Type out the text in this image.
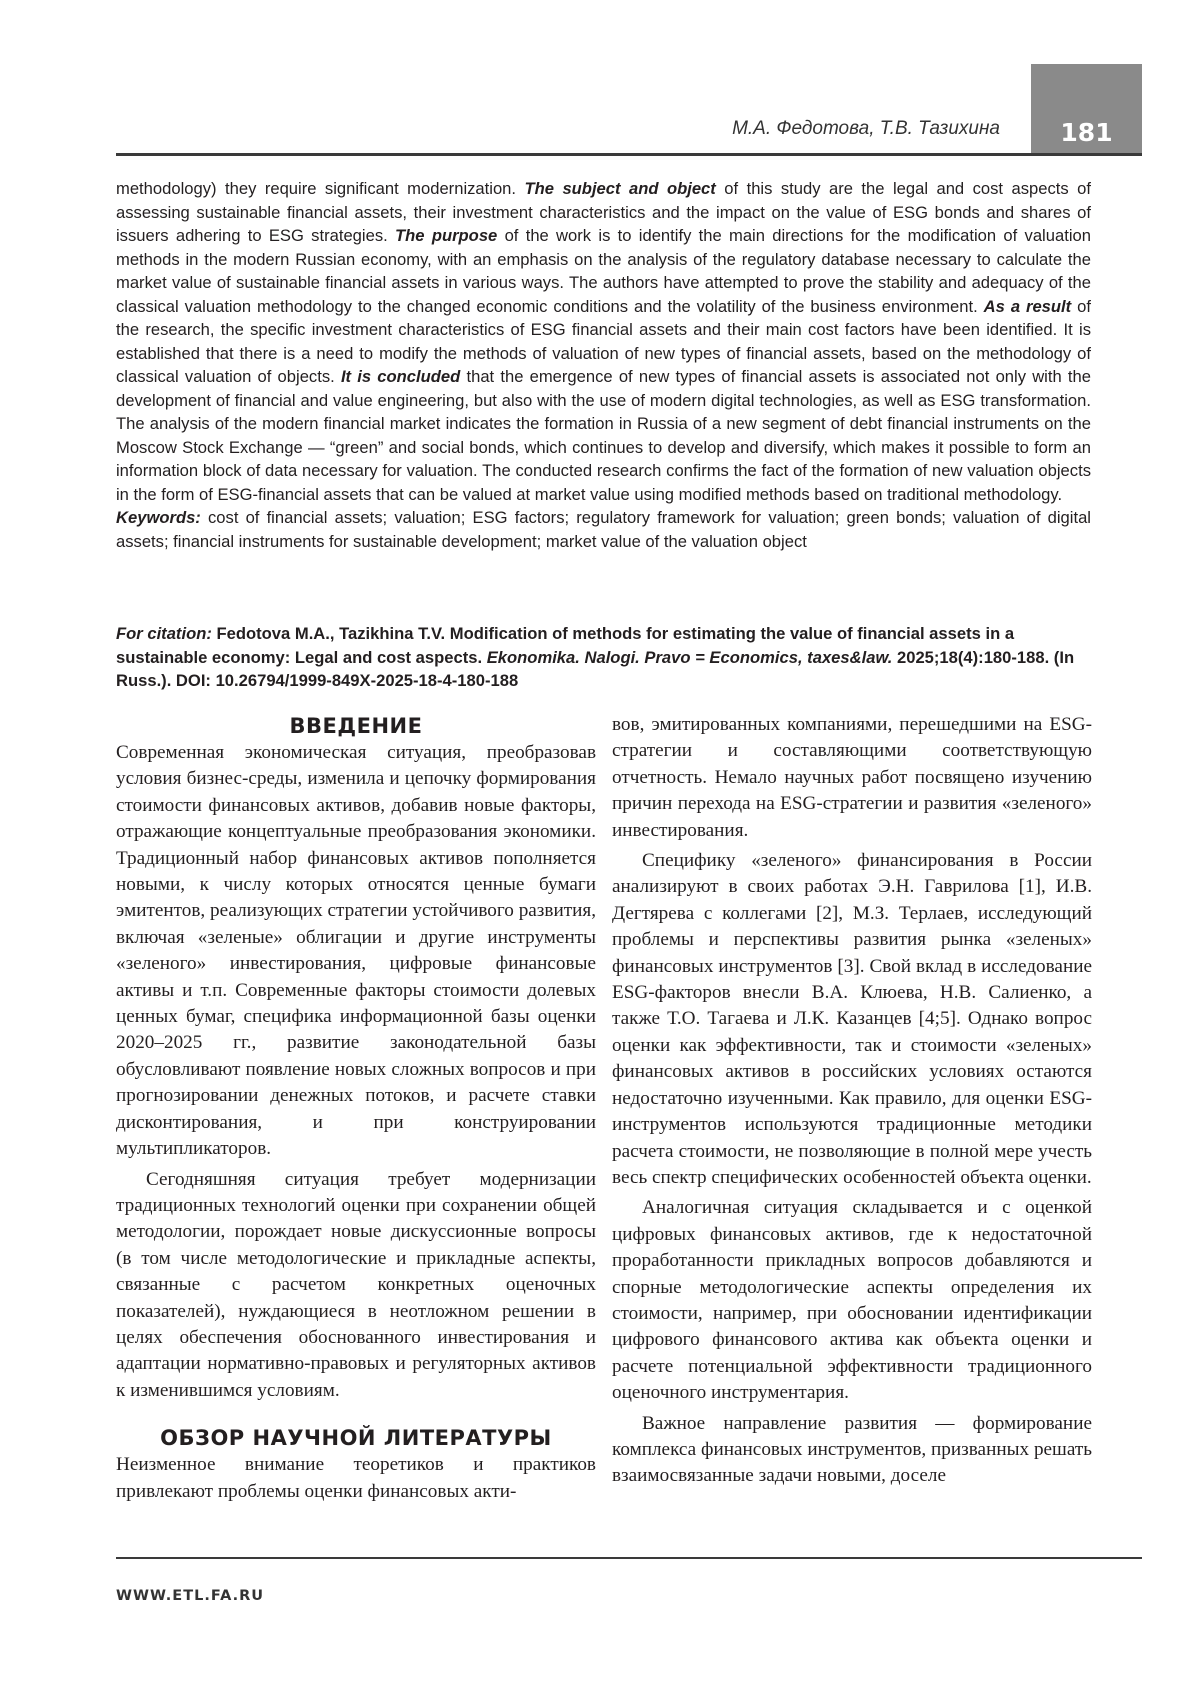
181
М.А. Федотова, Т.В. Тазихина
methodology) they require significant modernization. The subject and object of this study are the legal and cost aspects of assessing sustainable financial assets, their investment characteristics and the impact on the value of ESG bonds and shares of issuers adhering to ESG strategies. The purpose of the work is to identify the main directions for the modification of valuation methods in the modern Russian economy, with an emphasis on the analysis of the regulatory database necessary to calculate the market value of sustainable financial assets in various ways. The authors have attempted to prove the stability and adequacy of the classical valuation methodology to the changed economic conditions and the volatility of the business environment. As a result of the research, the specific investment characteristics of ESG financial assets and their main cost factors have been identified. It is established that there is a need to modify the methods of valuation of new types of financial assets, based on the methodology of classical valuation of objects. It is concluded that the emergence of new types of financial assets is associated not only with the development of financial and value engineering, but also with the use of modern digital technologies, as well as ESG transformation. The analysis of the modern financial market indicates the formation in Russia of a new segment of debt financial instruments on the Moscow Stock Exchange — “green” and social bonds, which continues to develop and diversify, which makes it possible to form an information block of data necessary for valuation. The conducted research confirms the fact of the formation of new valuation objects in the form of ESG-financial assets that can be valued at market value using modified methods based on traditional methodology.
Keywords: cost of financial assets; valuation; ESG factors; regulatory framework for valuation; green bonds; valuation of digital assets; financial instruments for sustainable development; market value of the valuation object
For citation: Fedotova M.A., Tazikhina T.V. Modification of methods for estimating the value of financial assets in a sustainable economy: Legal and cost aspects. Ekonomika. Nalogi. Pravo = Economics, taxes&law. 2025;18(4):180-188. (In Russ.). DOI: 10.26794/1999-849X-2025-18-4-180-188
ВВЕДЕНИЕ

Современная экономическая ситуация, преобразовав условия бизнес-среды, изменила и цепочку формирования стоимости финансовых активов, добавив новые факторы, отражающие концептуальные преобразования экономики. Традиционный набор финансовых активов пополняется новыми, к числу которых относятся ценные бумаги эмитентов, реализующих стратегии устойчивого развития, включая «зеленые» облигации и другие инструменты «зеленого» инвестирования, цифровые финансовые активы и т.п. Современные факторы стоимости долевых ценных бумаг, специфика информационной базы оценки 2020–2025 гг., развитие законодательной базы обусловливают появление новых сложных вопросов и при прогнозировании денежных потоков, и расчете ставки дисконтирования, и при конструировании мультипликаторов.

Сегодняшняя ситуация требует модернизации традиционных технологий оценки при сохранении общей методологии, порождает новые дискуссионные вопросы (в том числе методологические и прикладные аспекты, связанные с расчетом конкретных оценочных показателей), нуждающиеся в неотложном решении в целях обеспечения обоснованного инвестирования и адаптации нормативно-правовых и регуляторных активов к изменившимся условиям.

ОБЗОР НАУЧНОЙ ЛИТЕРАТУРЫ

Неизменное внимание теоретиков и практиков привлекают проблемы оценки финансовых акти-

вов, эмитированных компаниями, перешедшими на ESG-стратегии и составляющими соответствующую отчетность. Немало научных работ посвящено изучению причин перехода на ESG-стратегии и развития «зеленого» инвестирования.

Специфику «зеленого» финансирования в России анализируют в своих работах Э.Н. Гаврилова [1], И.В. Дегтярева с коллегами [2], М.З. Терлаев, исследующий проблемы и перспективы развития рынка «зеленых» финансовых инструментов [3]. Свой вклад в исследование ESG-факторов внесли В.А. Клюева, Н.В. Салиенко, а также Т.О. Тагаева и Л.К. Казанцев [4;5]. Однако вопрос оценки как эффективности, так и стоимости «зеленых» финансовых активов в российских условиях остаются недостаточно изученными. Как правило, для оценки ESG-инструментов используются традиционные методики расчета стоимости, не позволяющие в полной мере учесть весь спектр специфических особенностей объекта оценки.

Аналогичная ситуация складывается и с оценкой цифровых финансовых активов, где к недостаточной проработанности прикладных вопросов добавляются и спорные методологические аспекты определения их стоимости, например, при обосновании идентификации цифрового финансового актива как объекта оценки и расчете потенциальной эффективности традиционного оценочного инструментария.

Важное направление развития — формирование комплекса финансовых инструментов, призванных решать взаимосвязанные задачи новыми, доселе

WWW.ETL.FA.RU
